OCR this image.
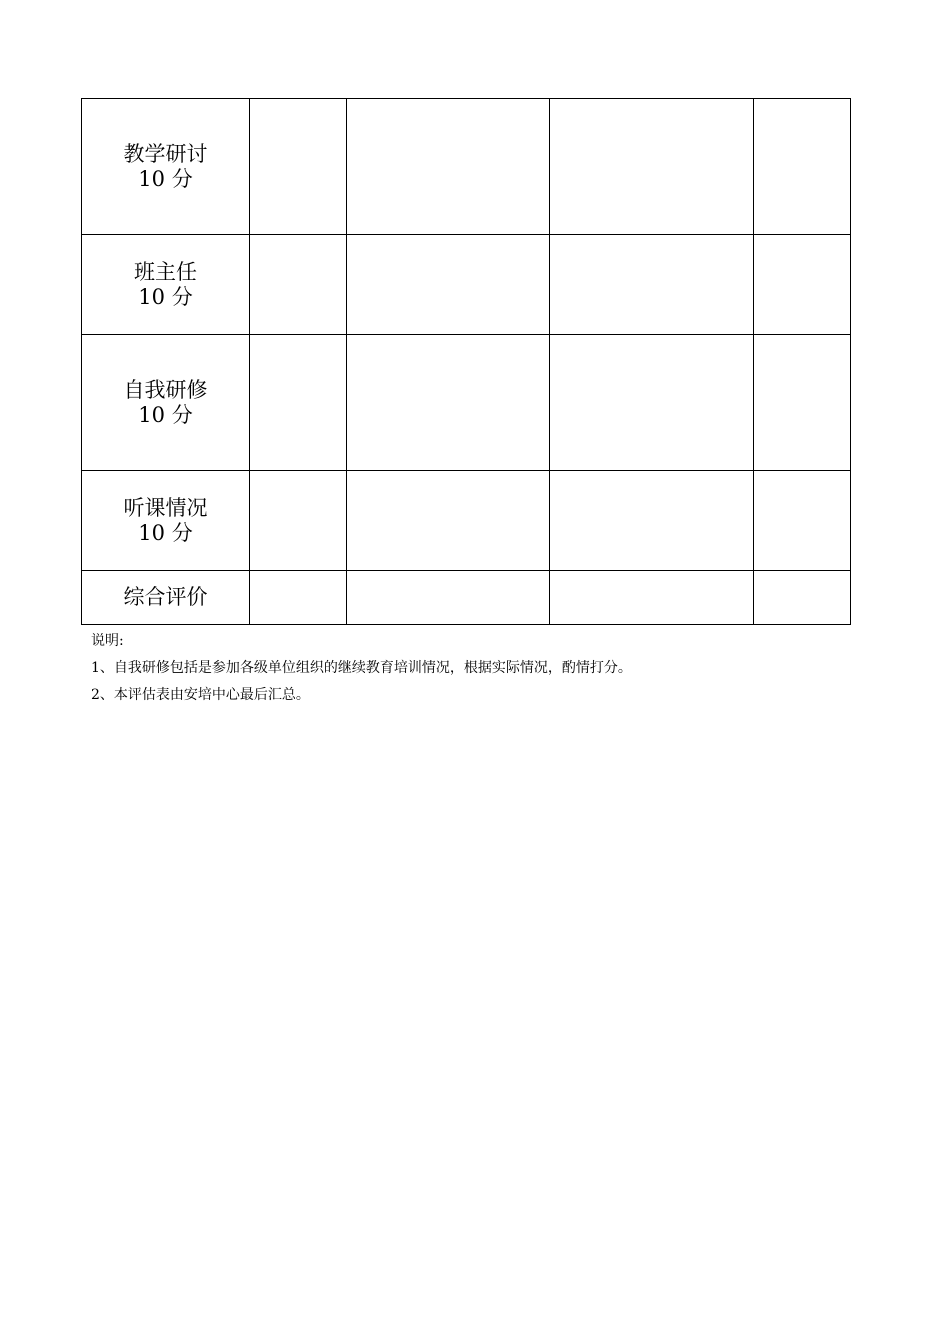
教学研讨
10 分				

班主任
10 分				

自我研修
10 分				

听课情况
10 分				

综合评价				

说明:
1、自我研修包括是参加各级单位组织的继续教育培训情况，根据实际情况，酌情打分。
2、本评估表由安培中心最后汇总。
